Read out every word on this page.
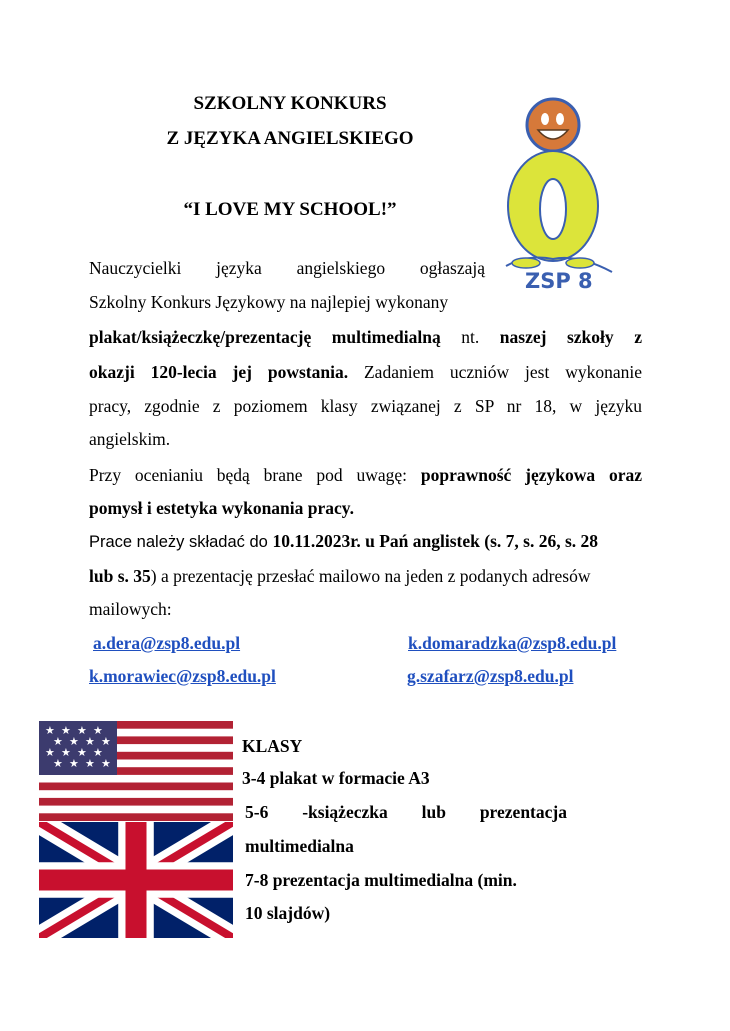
SZKOLNY KONKURS
Z JĘZYKA ANGIELSKIEGO
“I LOVE MY SCHOOL!”
ZSP 8
Nauczycielki języka angielskiego ogłaszają
Szkolny Konkurs Językowy na najlepiej wykonany
plakat/książeczkę/prezentację multimedialną nt. naszej szkoły z
okazji 120-lecia jej powstania. Zadaniem uczniów jest wykonanie
pracy, zgodnie z poziomem klasy związanej z SP nr 18, w języku
angielskim.
Przy ocenianiu będą brane pod uwagę: poprawność językowa oraz
pomysł i estetyka wykonania pracy.
Prace należy składać do 10.11.2023r. u Pań anglistek (s. 7, s. 26, s. 28
lub s. 35) a prezentację przesłać mailowo na jeden z podanych adresów
mailowych:
a.dera@zsp8.edu.pl	k.domaradzka@zsp8.edu.pl
k.morawiec@zsp8.edu.pl	g.szafarz@zsp8.edu.pl
★ ★ ★ ★
★ ★ ★ ★
★ ★ ★ ★
★ ★ ★ ★
KLASY
3-4 plakat w formacie A3
5-6 -książeczka lub prezentacja
multimedialna
7-8 prezentacja multimedialna (min.
10 slajdów)
